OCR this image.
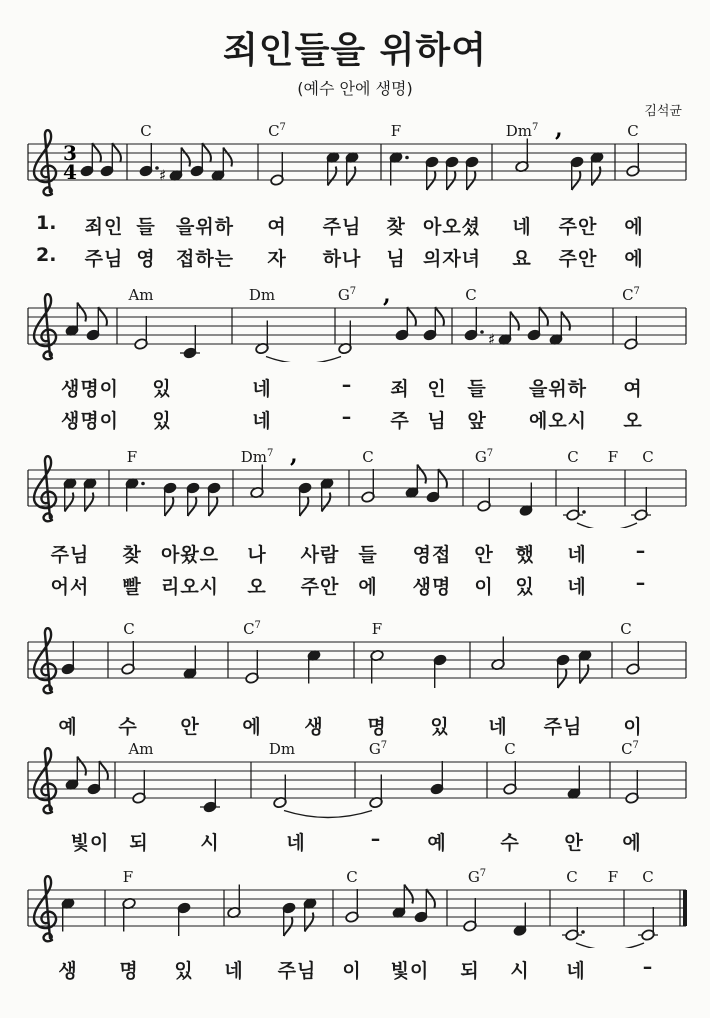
죄인들을 위하여
(예수 안에 생명)
김석균
3
4	♯
,
C	$C^7$	F	Dm$^7$	C
1. 죄인 들 을위하 여 주님 찾 아오셨 네 주안 에
2. 주님 영 접하는 자 하나 님 의자녀 요 주안 에
♯
,
Am	Dm	$G^7$	C	$C^7$
생명이 있	네	– 죄 인 들 을위하 여
생명이 있	네	– 주 님 앞 에오시 오
,
F	Dm$^7$	C	$G^7$	C F C
주님 찾 아왔으 나 사람 들 영접 안 했 네	–
어서 빨 리오시 오 주안 에 생명 이 있 네	–
C	$C^7$	F	C
예 수 안 에 생 명 있 네 주님 이
Am	Dm	$G^7$	C	$C^7$
빛이 되	시	네	– 예	수 안 에
F	C	$G^7$	C F C
생 명 있 네 주님 이 빛이 되 시 네	–
